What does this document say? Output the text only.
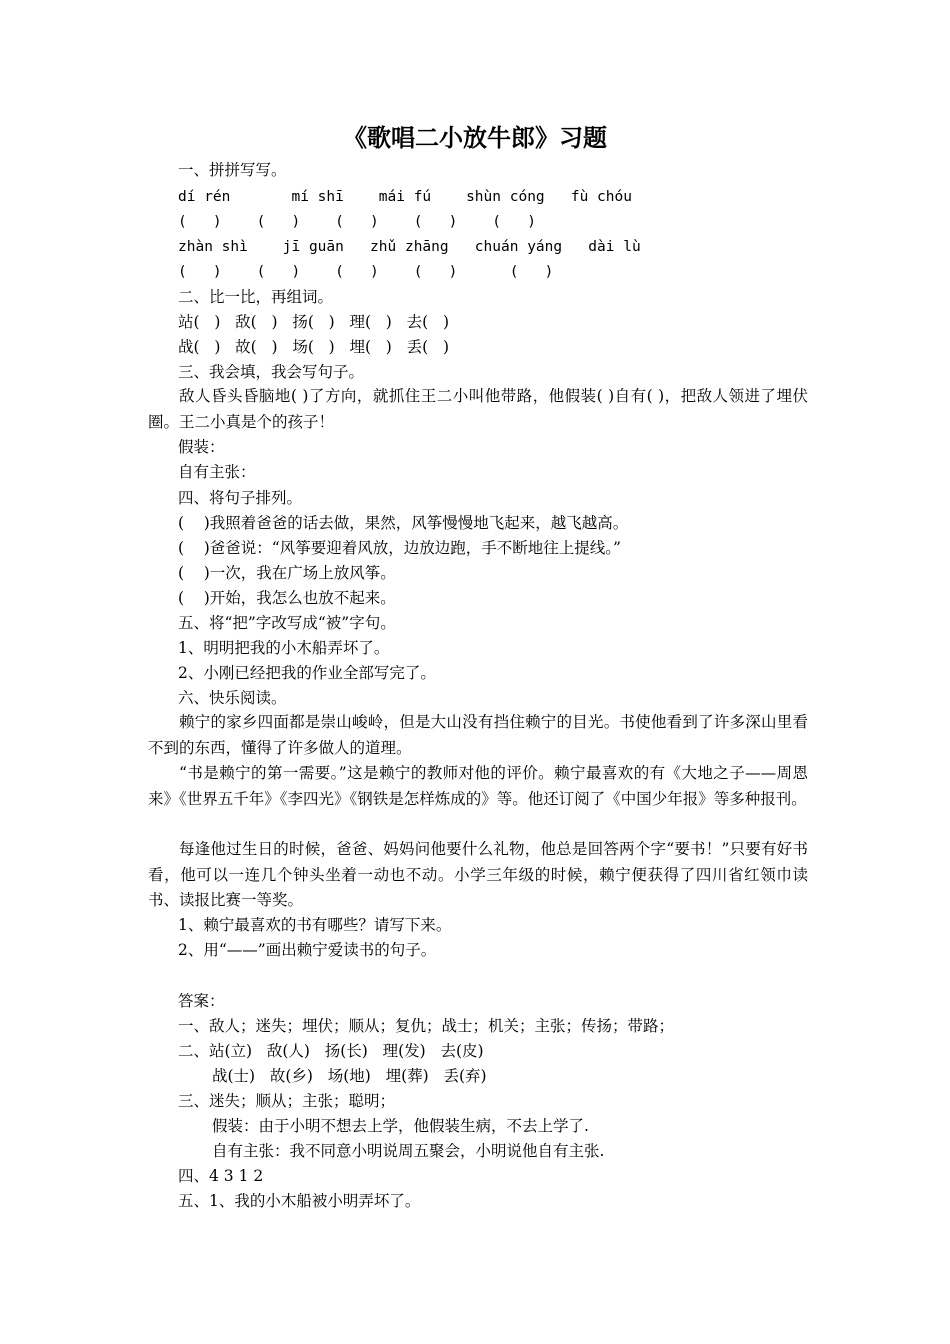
《歌唱二小放牛郎》习题

一、拼拼写写。

dí rén       mí shī    mái fú    shùn cóng   fù chóu

(   )    (   )    (   )    (   )    (   )

zhàn shì    jī guān   zhǔ zhāng   chuán yáng   dài lù

(   )    (   )    (   )    (   )      (   )

二、比一比，再组词。

站(   )   敌(   )   扬(   )   理(   )   去(   )

战(   )   故(   )   场(   )   埋(   )   丢(   )

三、我会填，我会写句子。

敌人昏头昏脑地( )了方向，就抓住王二小叫他带路，他假装( )自有( )，把敌人领进了埋伏圈。王二小真是个的孩子！

假装：

自有主张：

四、将句子排列。

(    )我照着爸爸的话去做，果然，风筝慢慢地飞起来，越飞越高。

(    )爸爸说：“风筝要迎着风放，边放边跑，手不断地往上提线。”

(    )一次，我在广场上放风筝。

(    )开始，我怎么也放不起来。

五、将“把”字改写成“被”字句。

1、明明把我的小木船弄坏了。

2、小刚已经把我的作业全部写完了。

六、快乐阅读。

赖宁的家乡四面都是崇山峻岭，但是大山没有挡住赖宁的目光。书使他看到了许多深山里看不到的东西，懂得了许多做人的道理。

“书是赖宁的第一需要。”这是赖宁的教师对他的评价。赖宁最喜欢的有《大地之子——周恩来》《世界五千年》《李四光》《钢铁是怎样炼成的》等。他还订阅了《中国少年报》等多种报刊。

每逢他过生日的时候，爸爸、妈妈问他要什么礼物，他总是回答两个字“要书！”只要有好书看，他可以一连几个钟头坐着一动也不动。小学三年级的时候，赖宁便获得了四川省红领巾读书、读报比赛一等奖。

1、赖宁最喜欢的书有哪些？请写下来。

2、用“——”画出赖宁爱读书的句子。

答案：

一、敌人；迷失；埋伏；顺从；复仇；战士；机关；主张；传扬；带路；

二、站(立)   敌(人)   扬(长)   理(发)   去(皮)

战(士)   故(乡)   场(地)   埋(葬)   丢(弃)

三、迷失；顺从；主张；聪明；

假装：由于小明不想去上学，他假装生病，不去上学了.

自有主张：我不同意小明说周五聚会，小明说他自有主张.

四、4 3 1 2

五、1、我的小木船被小明弄坏了。
